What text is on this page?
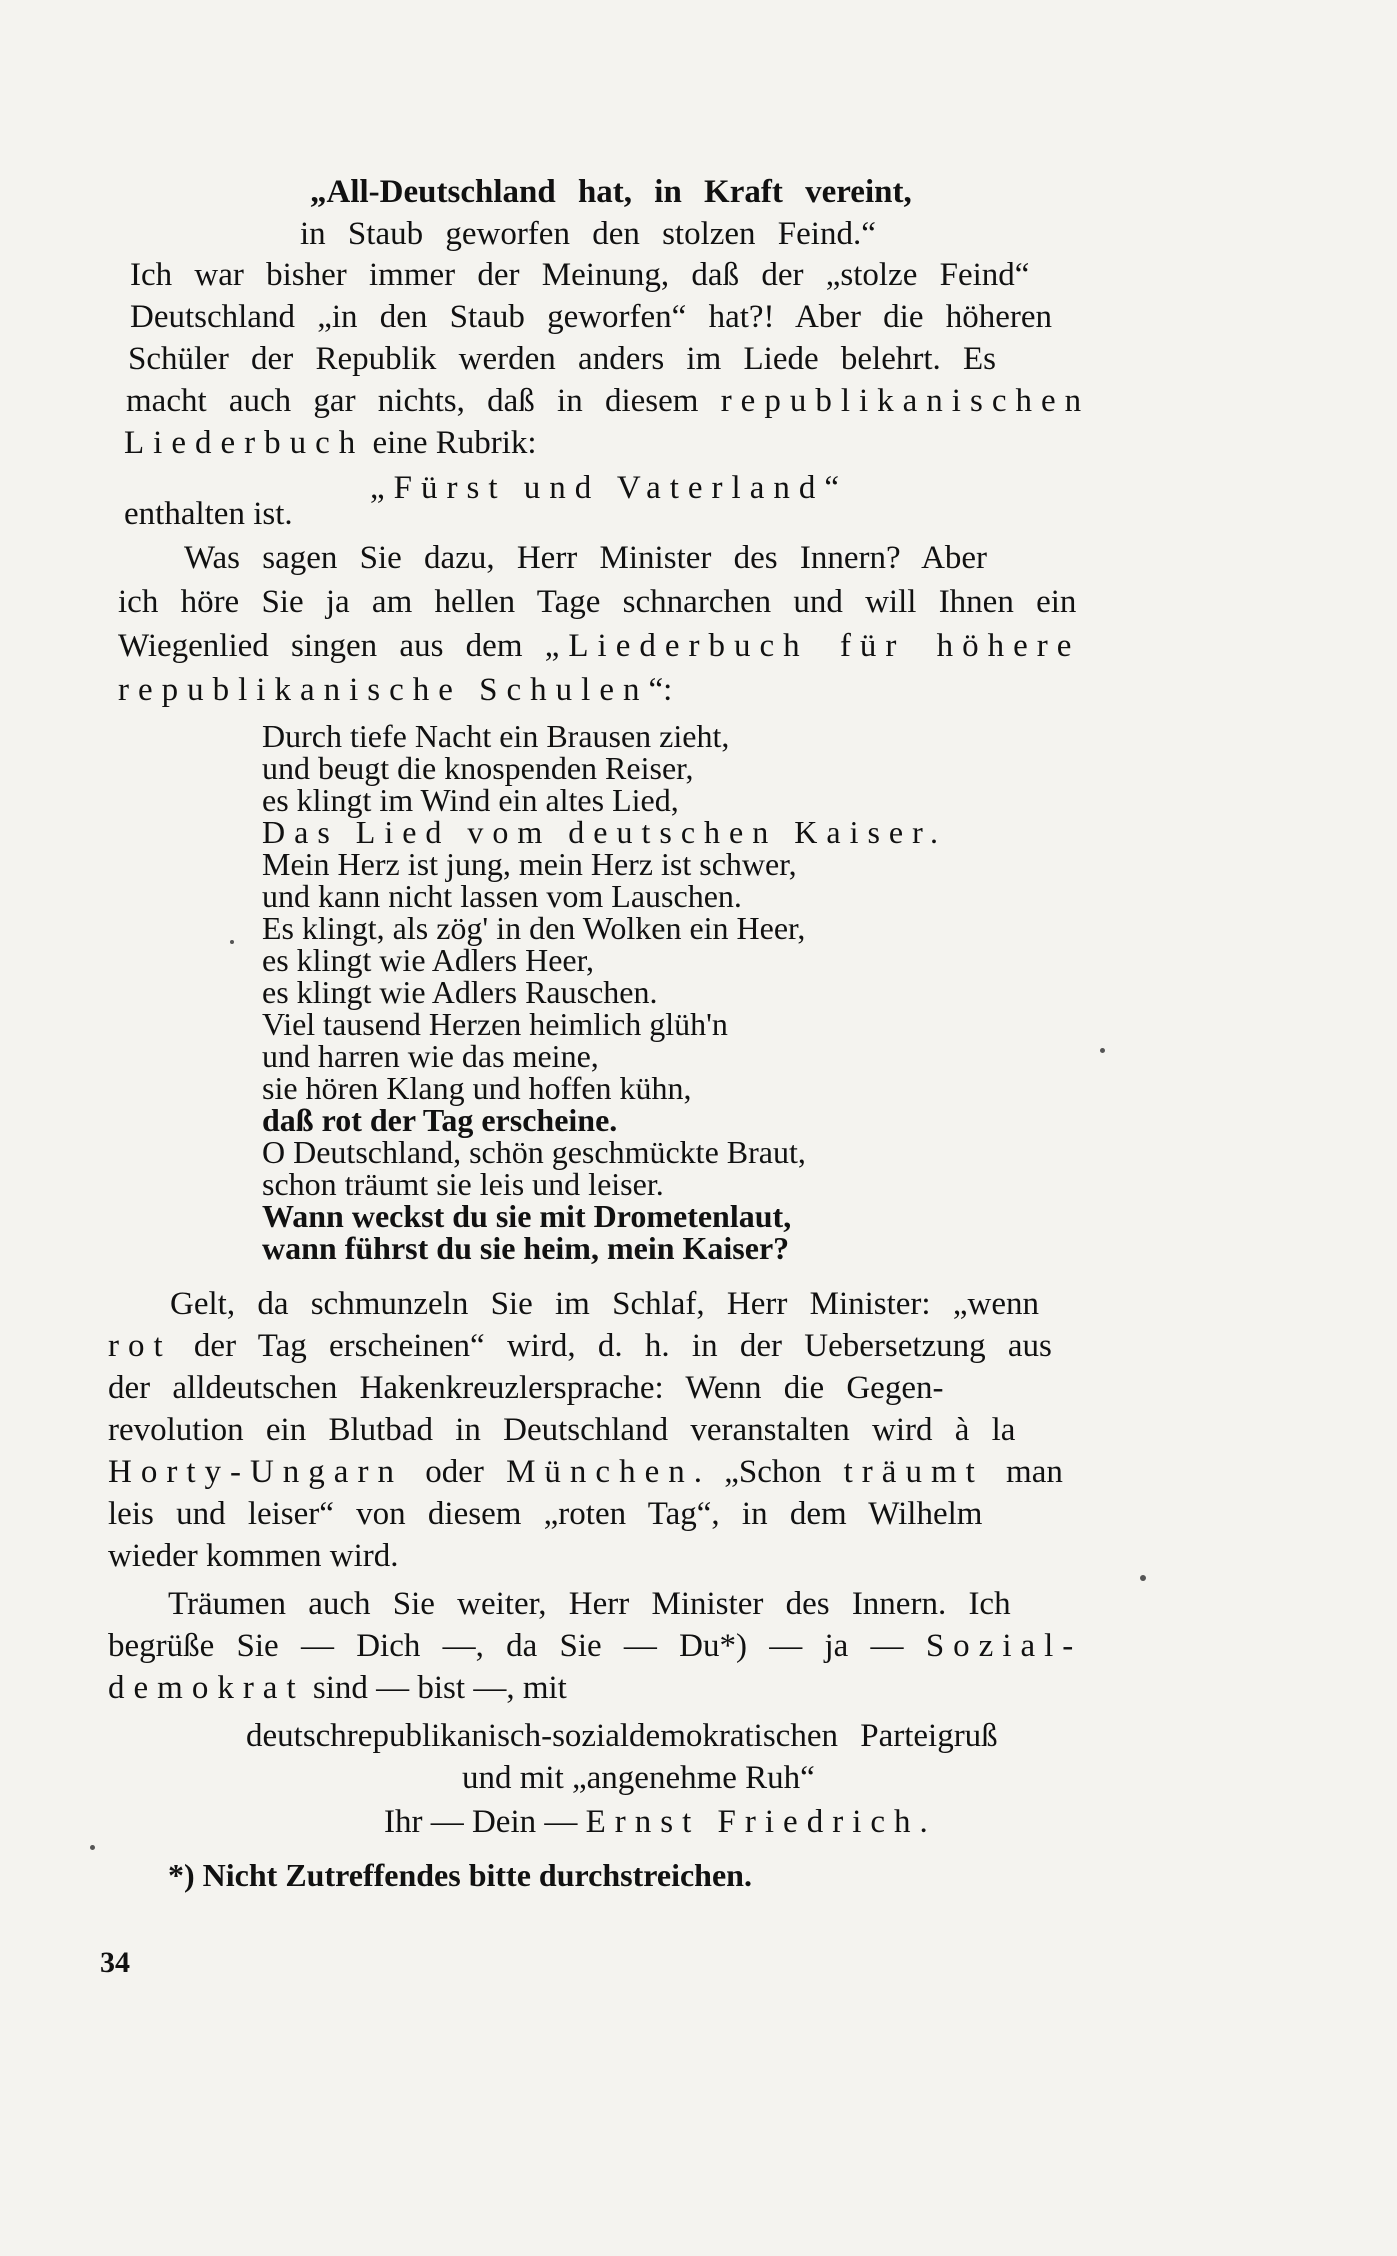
„All-Deutschland hat, in Kraft vereint,
in Staub geworfen den stolzen Feind.“
Ich war bisher immer der Meinung, daß der „stolze Feind“
Deutschland „in den Staub geworfen“ hat?! Aber die höheren
Schüler der Republik werden anders im Liede belehrt. Es
macht auch gar nichts, daß in diesem republikanischen
Liederbuch eine Rubrik:
„Fürst und Vaterland“
enthalten ist.
Was sagen Sie dazu, Herr Minister des Innern? Aber
ich höre Sie ja am hellen Tage schnarchen und will Ihnen ein
Wiegenlied singen aus dem „Liederbuch für höhere
republikanische Schulen“:
Durch tiefe Nacht ein Brausen zieht,
und beugt die knospenden Reiser,
es klingt im Wind ein altes Lied,
Das Lied vom deutschen Kaiser.
Mein Herz ist jung, mein Herz ist schwer,
und kann nicht lassen vom Lauschen.
Es klingt, als zög' in den Wolken ein Heer,
es klingt wie Adlers Heer,
es klingt wie Adlers Rauschen.
Viel tausend Herzen heimlich glüh'n
und harren wie das meine,
sie hören Klang und hoffen kühn,
daß rot der Tag erscheine.
O Deutschland, schön geschmückte Braut,
schon träumt sie leis und leiser.
Wann weckst du sie mit Drometenlaut,
wann führst du sie heim, mein Kaiser?
Gelt, da schmunzeln Sie im Schlaf, Herr Minister: „wenn
rot der Tag erscheinen“ wird, d. h. in der Uebersetzung aus
der alldeutschen Hakenkreuzlersprache: Wenn die Gegen-
revolution ein Blutbad in Deutschland veranstalten wird à la
Horty-Ungarn oder München. „Schon träumt man
leis und leiser“ von diesem „roten Tag“, in dem Wilhelm
wieder kommen wird.
Träumen auch Sie weiter, Herr Minister des Innern. Ich
begrüße Sie — Dich —, da Sie — Du*) — ja — Sozial-
demokrat sind — bist —, mit
deutschrepublikanisch-sozialdemokratischen Parteigruß
und mit „angenehme Ruh“
Ihr — Dein — Ernst Friedrich.
*) Nicht Zutreffendes bitte durchstreichen.
34
